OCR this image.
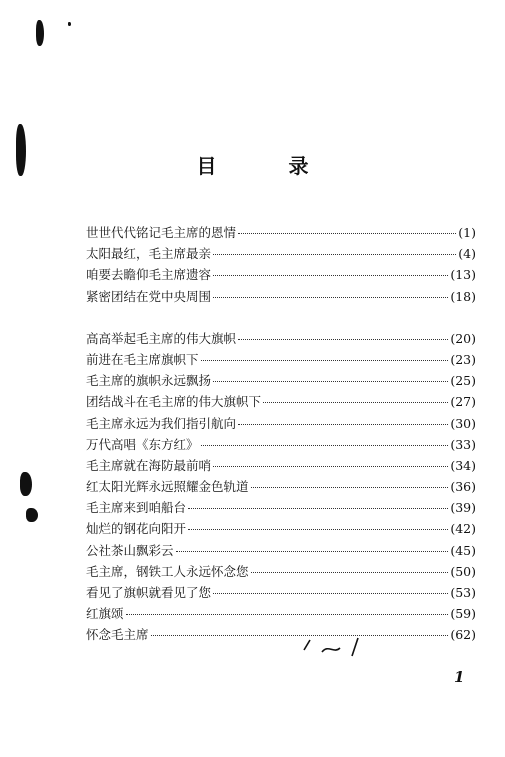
目　录
世世代代铭记毛主席的恩情	(1)
太阳最红，毛主席最亲	(4)
咱要去瞻仰毛主席遗容	(13)
紧密团结在党中央周围	(18)
高高举起毛主席的伟大旗帜	(20)
前进在毛主席旗帜下	(23)
毛主席的旗帜永远飘扬	(25)
团结战斗在毛主席的伟大旗帜下	(27)
毛主席永远为我们指引航向	(30)
万代高唱《东方红》	(33)
毛主席就在海防最前哨	(34)
红太阳光辉永远照耀金色轨道	(36)
毛主席来到咱船台	(39)
灿烂的钢花向阳开	(42)
公社茶山飘彩云	(45)
毛主席，钢铁工人永远怀念您	(50)
看见了旗帜就看见了您	(53)
红旗颂	(59)
怀念毛主席	(62)
1
